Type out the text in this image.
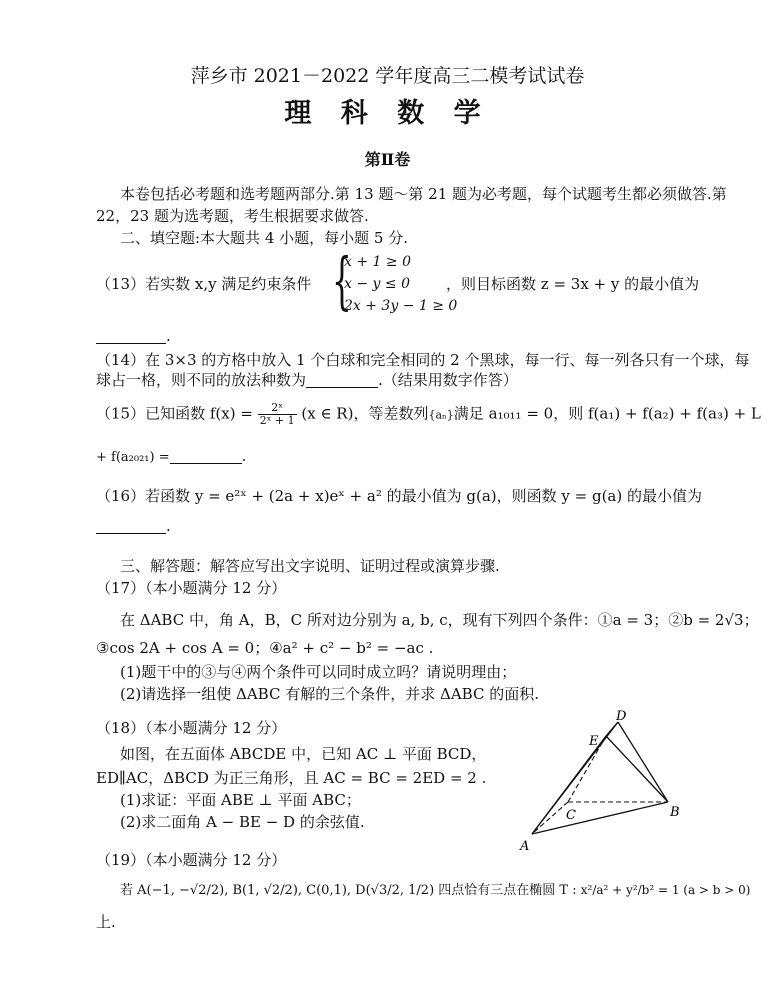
萍乡市 2021－2022 学年度高三二模考试试卷
理 科 数 学
第Ⅱ卷
本卷包括必考题和选考题两部分.第 13 题～第 21 题为必考题，每个试题考生都必须做答.第
22，23 题为选考题，考生根据要求做答.
二、填空题:本大题共 4 小题，每小题 5 分.
（13）若实数 x,y 满足约束条件 {
x + 1 ≥ 0
x − y ≤ 0
2x + 3y − 1 ≥ 0
，则目标函数 z = 3x + y 的最小值为
.
（14）在 3×3 的方格中放入 1 个白球和完全相同的 2 个黑球，每一行、每一列各只有一个球，每
球占一格，则不同的放法种数为	.（结果用数字作答）
（15）已知函数 $f(x) = \frac{\text{2ˣ}}{\text{2ˣ + 1}} (x$ ∈ R)，等差数列{aₙ}满足 a₁₀₁₁ = 0，则 f(a₁) + f(a₂) + f(a₃) + L
+ f(a₂₀₂₁) =	.
（16）若函数 y = e²ˣ + (2a + x)eˣ + a² 的最小值为 g(a)，则函数 y = g(a) 的最小值为
.
三、解答题：解答应写出文字说明、证明过程或演算步骤.
（17）（本小题满分 12 分）
在 ΔABC 中，角 A，B，C 所对边分别为 a, b, c，现有下列四个条件：①a = 3；②b = 2√3；
③cos 2A + cos A = 0；④a² + c² − b² = −ac .
(1)题干中的③与④两个条件可以同时成立吗？请说明理由；
(2)请选择一组使 ΔABC 有解的三个条件，并求 ΔABC 的面积.
（18）（本小题满分 12 分）
如图，在五面体 ABCDE 中，已知 AC ⊥ 平面 BCD，
ED∥AC，ΔBCD 为正三角形，且 AC = BC = 2ED = 2 .
(1)求证：平面 ABE ⊥ 平面 ABC；
(2)求二面角 A − BE − D 的余弦值.
A
B
C
D
E
（19）（本小题满分 12 分）
若 A(−1, −√2/2), B(1, √2/2), C(0,1), D(√3/2, 1/2) 四点恰有三点在椭圆 T : x²/a² + y²/b² = 1 (a > b > 0)
上.
